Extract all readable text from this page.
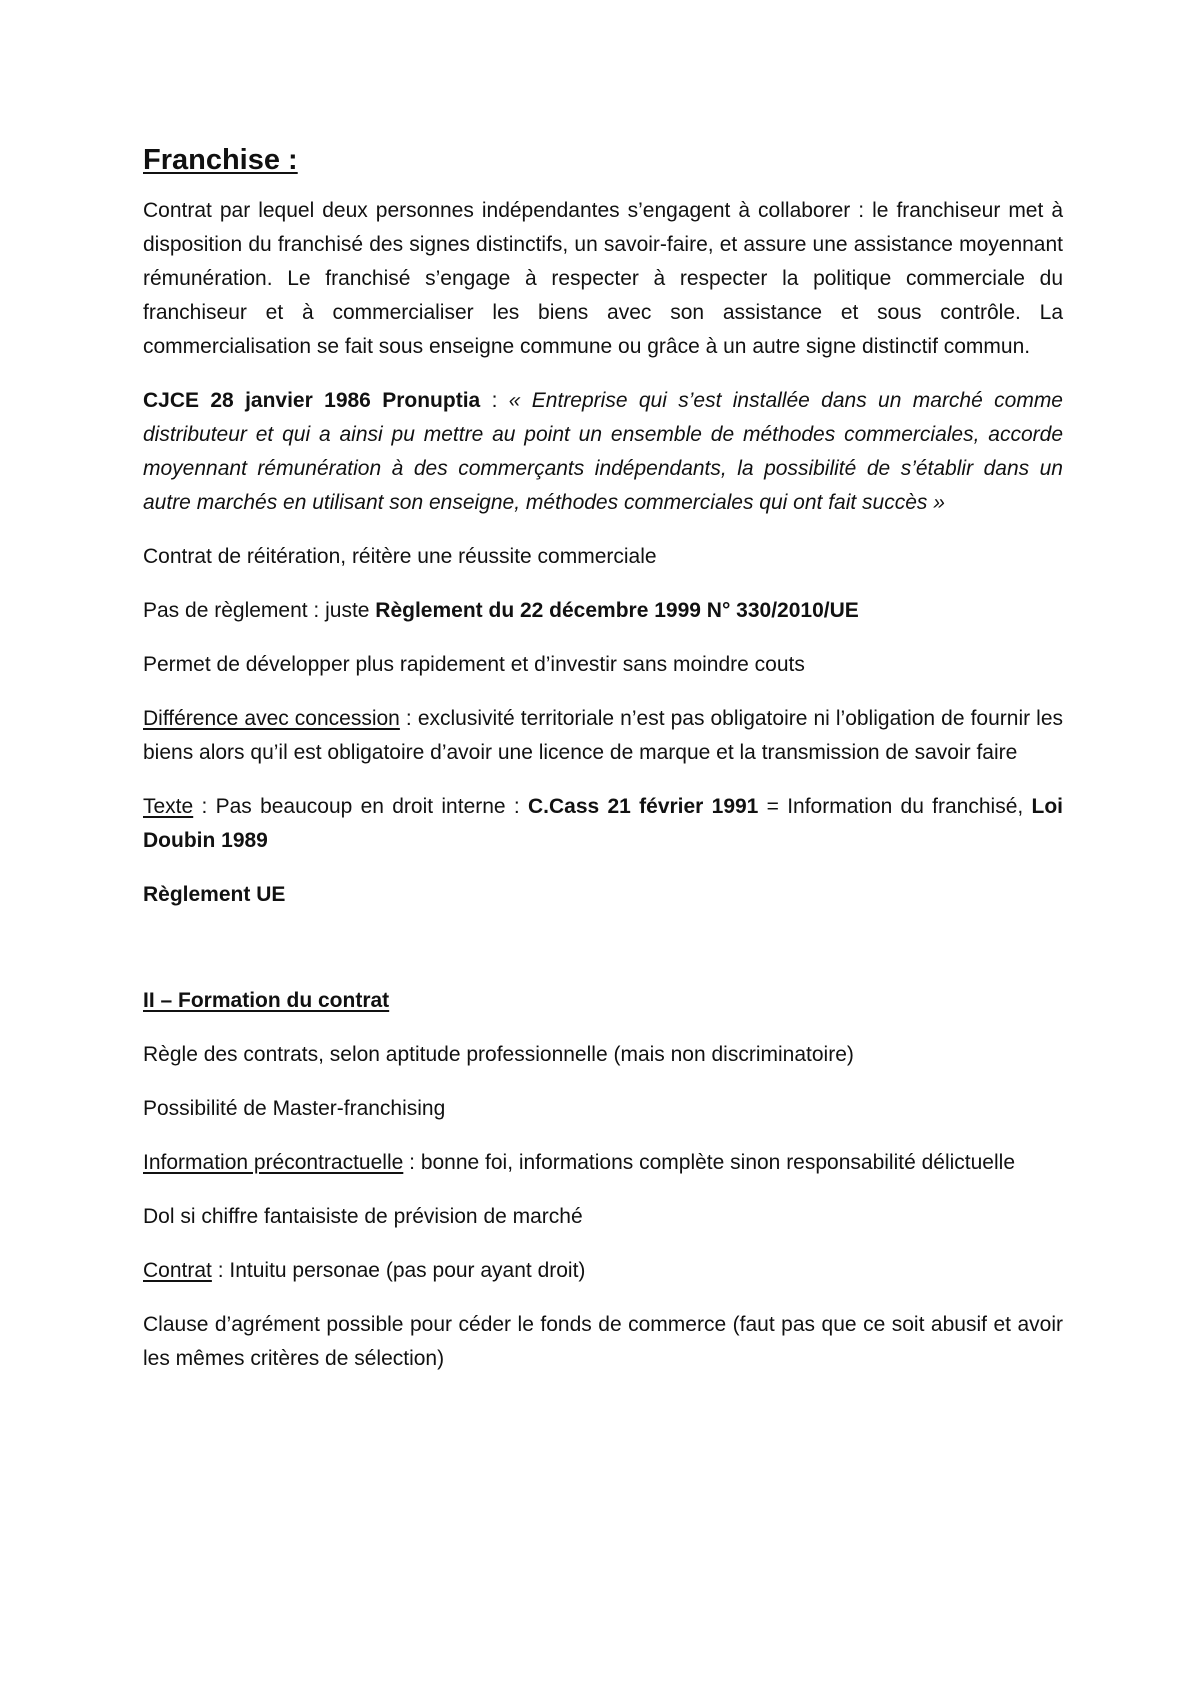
Franchise :

Contrat par lequel deux personnes indépendantes s’engagent à collaborer : le franchiseur met à disposition du franchisé des signes distinctifs, un savoir-faire, et assure une assistance moyennant rémunération. Le franchisé s’engage à respecter à respecter la politique commerciale du franchiseur et à commercialiser les biens avec son assistance et sous contrôle. La commercialisation se fait sous enseigne commune ou grâce à un autre signe distinctif commun.

CJCE 28 janvier 1986 Pronuptia : « Entreprise qui s’est installée dans un marché comme distributeur et qui a ainsi pu mettre au point un ensemble de méthodes commerciales, accorde moyennant rémunération à des commerçants indépendants, la possibilité de s’établir dans un autre marchés en utilisant son enseigne, méthodes commerciales qui ont fait succès »

Contrat de réitération, réitère une réussite commerciale

Pas de règlement : juste Règlement du 22 décembre 1999 N° 330/2010/UE

Permet de développer plus rapidement et d’investir sans moindre couts

Différence avec concession : exclusivité territoriale n’est pas obligatoire ni l’obligation de fournir les biens alors qu’il est obligatoire d’avoir une licence de marque et la transmission de savoir faire

Texte : Pas beaucoup en droit interne : C.Cass 21 février 1991 = Information du franchisé, Loi Doubin 1989

Règlement UE

II – Formation du contrat

Règle des contrats, selon aptitude professionnelle (mais non discriminatoire)

Possibilité de Master-franchising

Information précontractuelle : bonne foi, informations complète sinon responsabilité délictuelle

Dol si chiffre fantaisiste de prévision de marché

Contrat : Intuitu personae (pas pour ayant droit)

Clause d’agrément possible pour céder le fonds de commerce (faut pas que ce soit abusif et avoir les mêmes critères de sélection)
